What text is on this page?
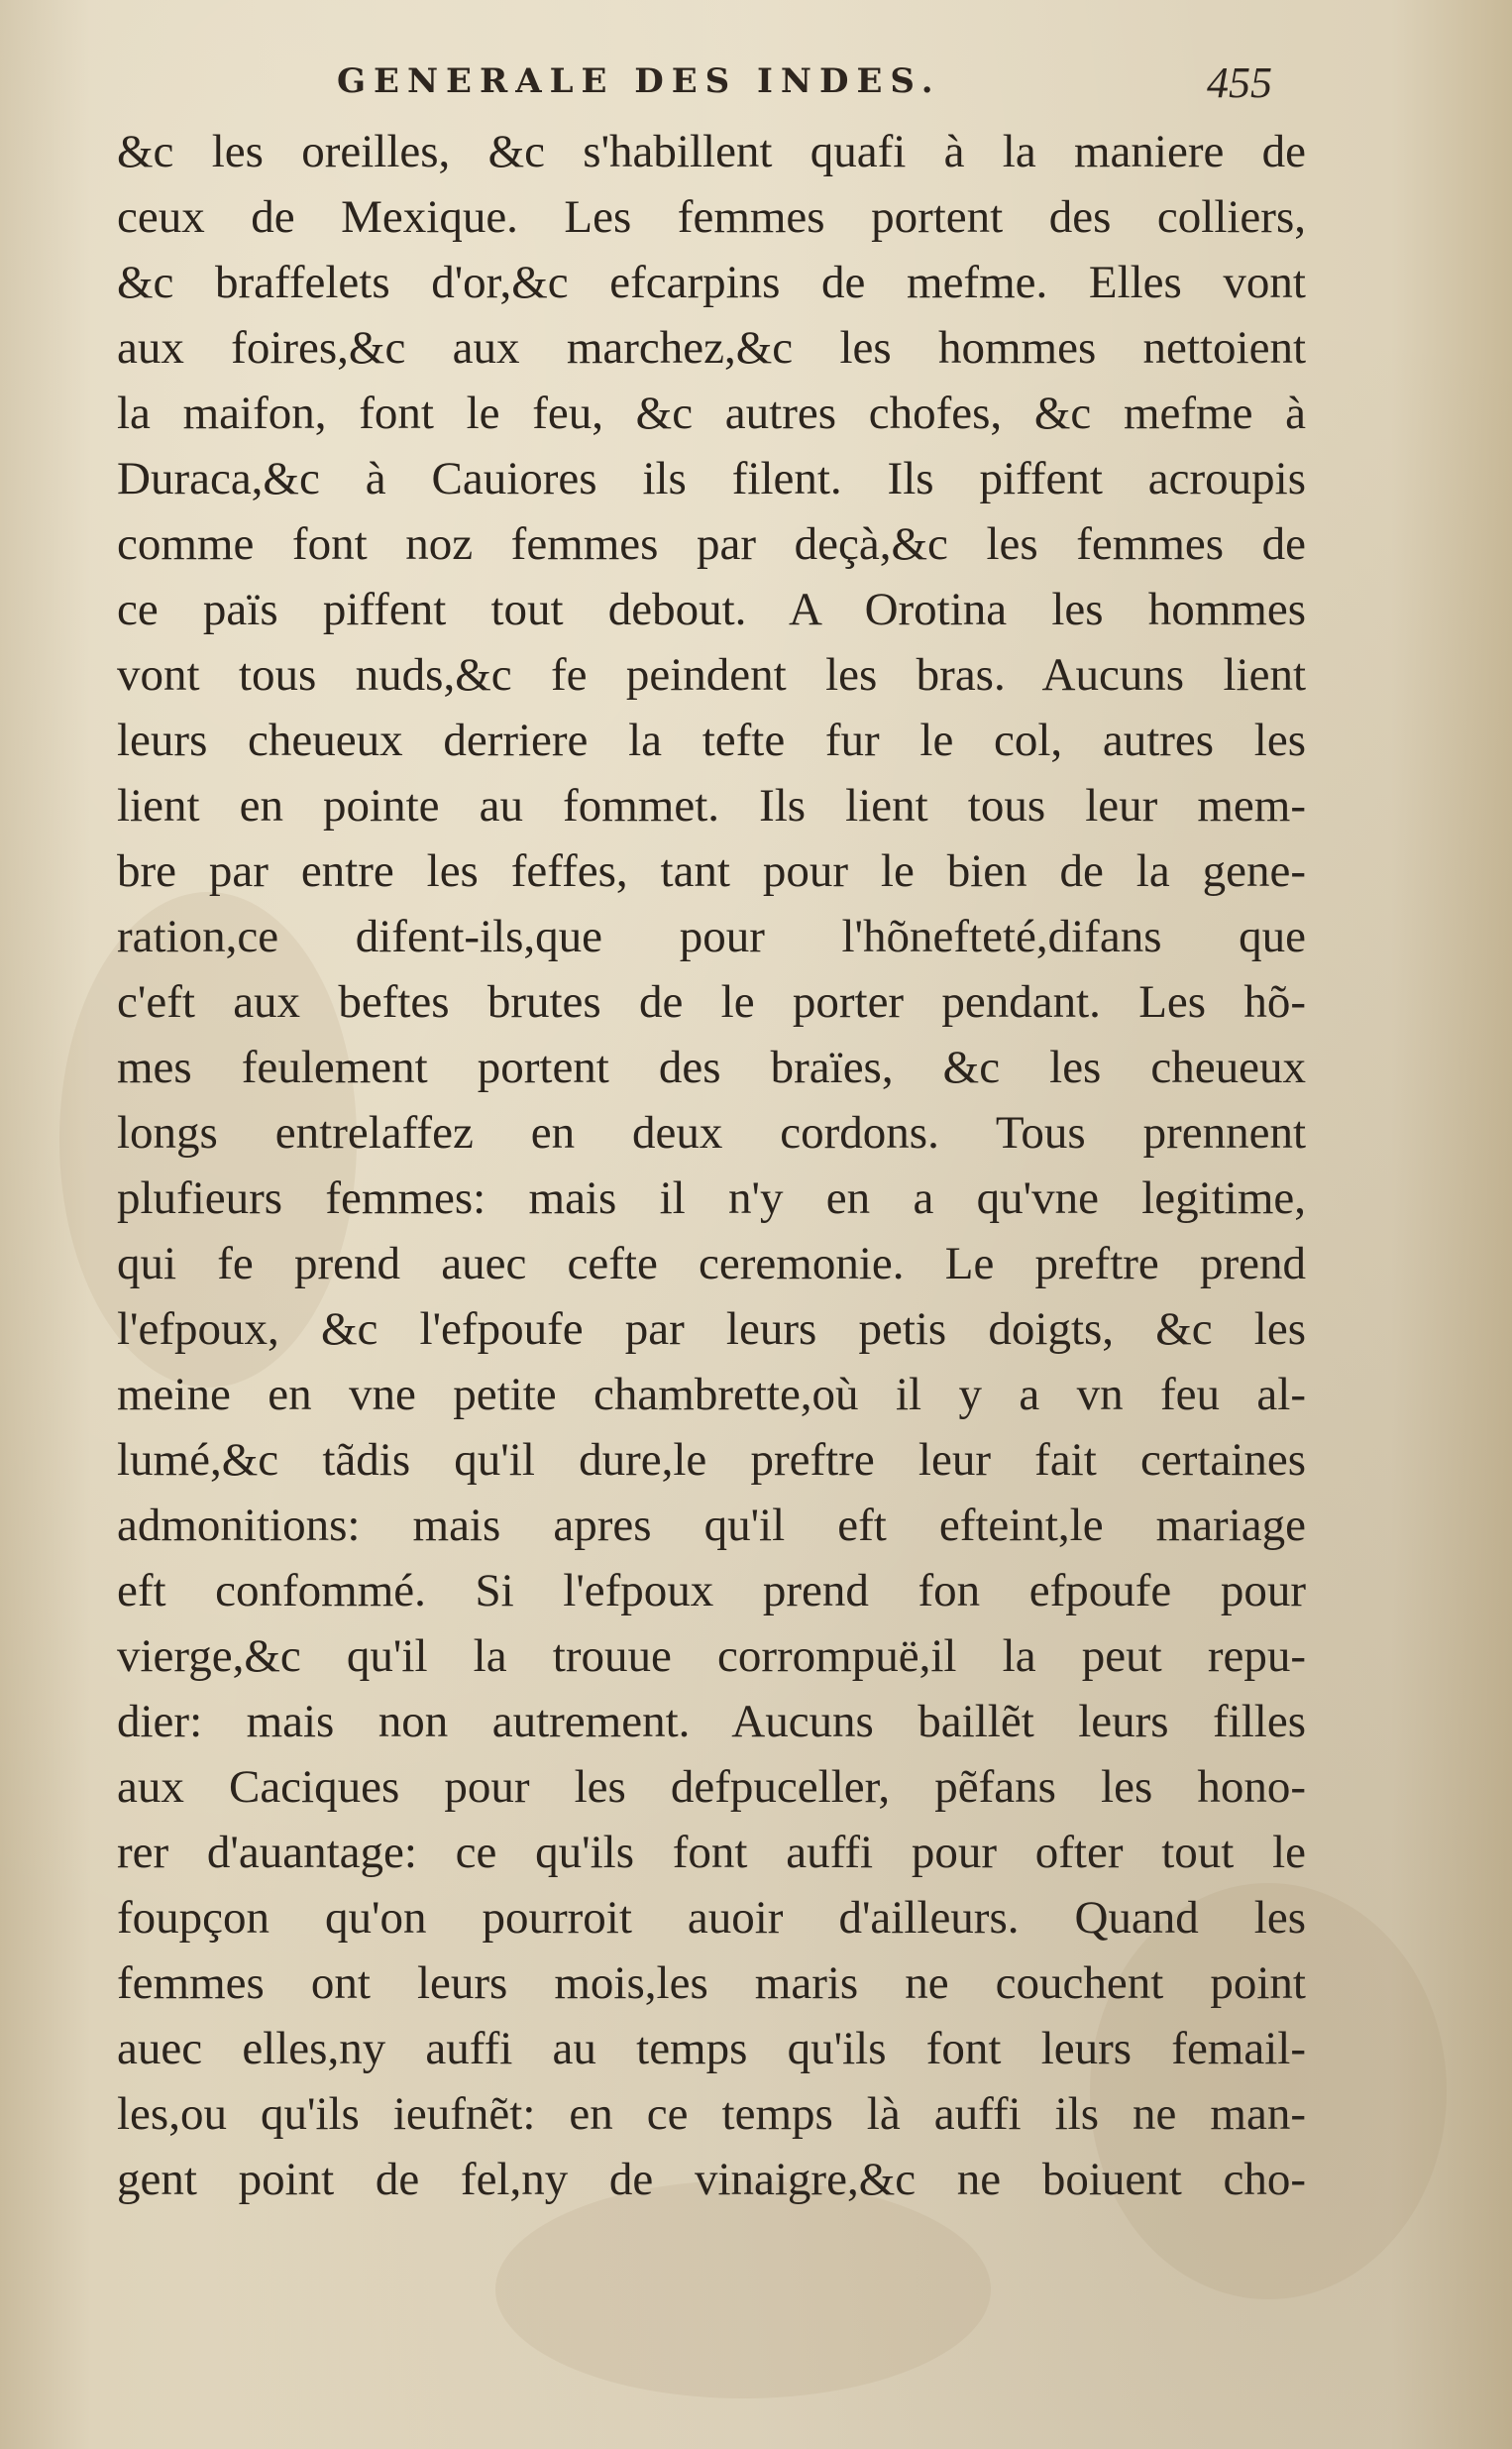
GENERALE DES INDES.	455
&c les oreilles, &c s'habillent quafi à la maniere de
ceux de Mexique. Les femmes portent des colliers,
&c braffelets d'or,&c efcarpins de mefme. Elles vont
aux foires,&c aux marchez,&c les hommes nettoient
la maifon, font le feu, &c autres chofes, &c mefme à
Duraca,&c à Cauiores ils filent. Ils piffent acroupis
comme font noz femmes par deçà,&c les femmes de
ce païs piffent tout debout. A Orotina les hommes
vont tous nuds,&c fe peindent les bras. Aucuns lient
leurs cheueux derriere la tefte fur le col, autres les
lient en pointe au fommet. Ils lient tous leur mem-
bre par entre les feffes, tant pour le bien de la gene-
ration,ce difent-ils,que pour l'hõnefteté,difans que
c'eft aux beftes brutes de le porter pendant. Les hõ-
mes feulement portent des braïes, &c les cheueux
longs entrelaffez en deux cordons. Tous prennent
plufieurs femmes: mais il n'y en a qu'vne legitime,
qui fe prend auec cefte ceremonie. Le preftre prend
l'efpoux, &c l'efpoufe par leurs petis doigts, &c les
meine en vne petite chambrette,où il y a vn feu al-
lumé,&c tãdis qu'il dure,le preftre leur fait certaines
admonitions: mais apres qu'il eft efteint,le mariage
eft confommé. Si l'efpoux prend fon efpoufe pour
vierge,&c qu'il la trouue corrompuë,il la peut repu-
dier: mais non autrement. Aucuns baillẽt leurs filles
aux Caciques pour les defpuceller, pẽfans les hono-
rer d'auantage: ce qu'ils font auffi pour ofter tout le
foupçon qu'on pourroit auoir d'ailleurs. Quand les
femmes ont leurs mois,les maris ne couchent point
auec elles,ny auffi au temps qu'ils font leurs femail-
les,ou qu'ils ieufnẽt: en ce temps là auffi ils ne man-
gent point de fel,ny de vinaigre,&c ne boiuent cho-
